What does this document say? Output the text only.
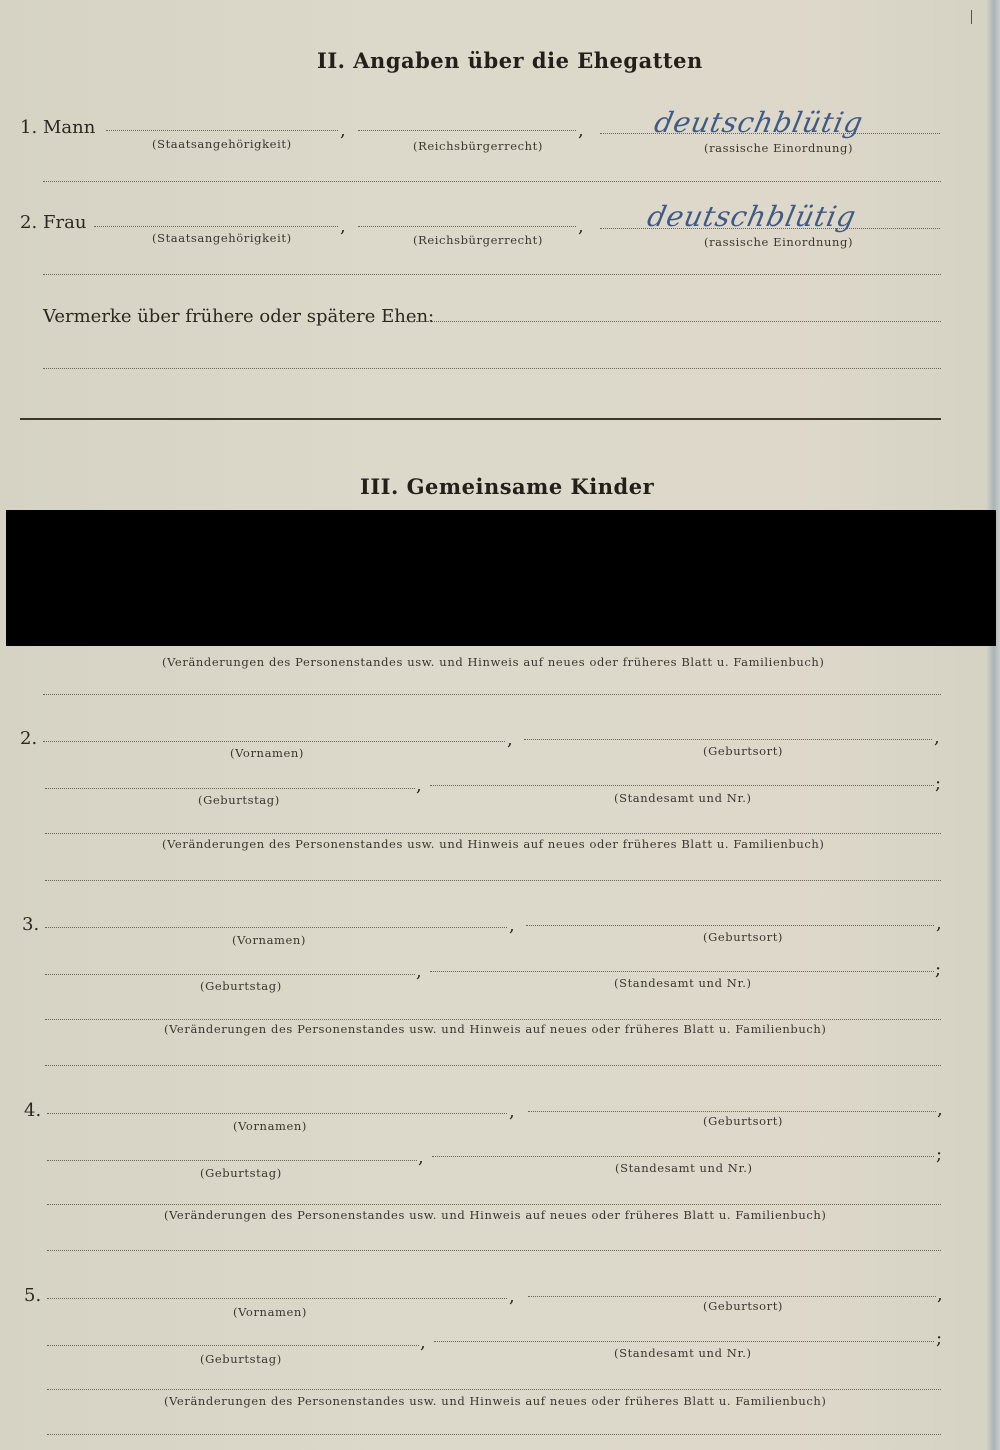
II. Angaben über die Ehegatten
1. Mann	,	, deutschblütig
(Staatsangehörigkeit)	(Reichsbürgerrecht)	(rassische Einordnung)
2. Frau	,	, deutschblütig
(Staatsangehörigkeit)	(Reichsbürgerrecht)	(rassische Einordnung)
Vermerke über frühere oder spätere Ehen:
III. Gemeinsame Kinder
(Veränderungen des Personenstandes usw. und Hinweis auf neues oder früheres Blatt u. Familienbuch)
2.	,	,
(Vornamen)	(Geburtsort)
,	;
(Geburtstag)	(Standesamt und Nr.)
(Veränderungen des Personenstandes usw. und Hinweis auf neues oder früheres Blatt u. Familienbuch)
3.	,	,
(Vornamen)	(Geburtsort)
,	;
(Geburtstag)	(Standesamt und Nr.)
(Veränderungen des Personenstandes usw. und Hinweis auf neues oder früheres Blatt u. Familienbuch)
4.	,	,
(Vornamen)	(Geburtsort)
,	;
(Geburtstag)	(Standesamt und Nr.)
(Veränderungen des Personenstandes usw. und Hinweis auf neues oder früheres Blatt u. Familienbuch)
5.	,	,
(Vornamen)	(Geburtsort)
,	;
(Geburtstag)	(Standesamt und Nr.)
(Veränderungen des Personenstandes usw. und Hinweis auf neues oder früheres Blatt u. Familienbuch)
